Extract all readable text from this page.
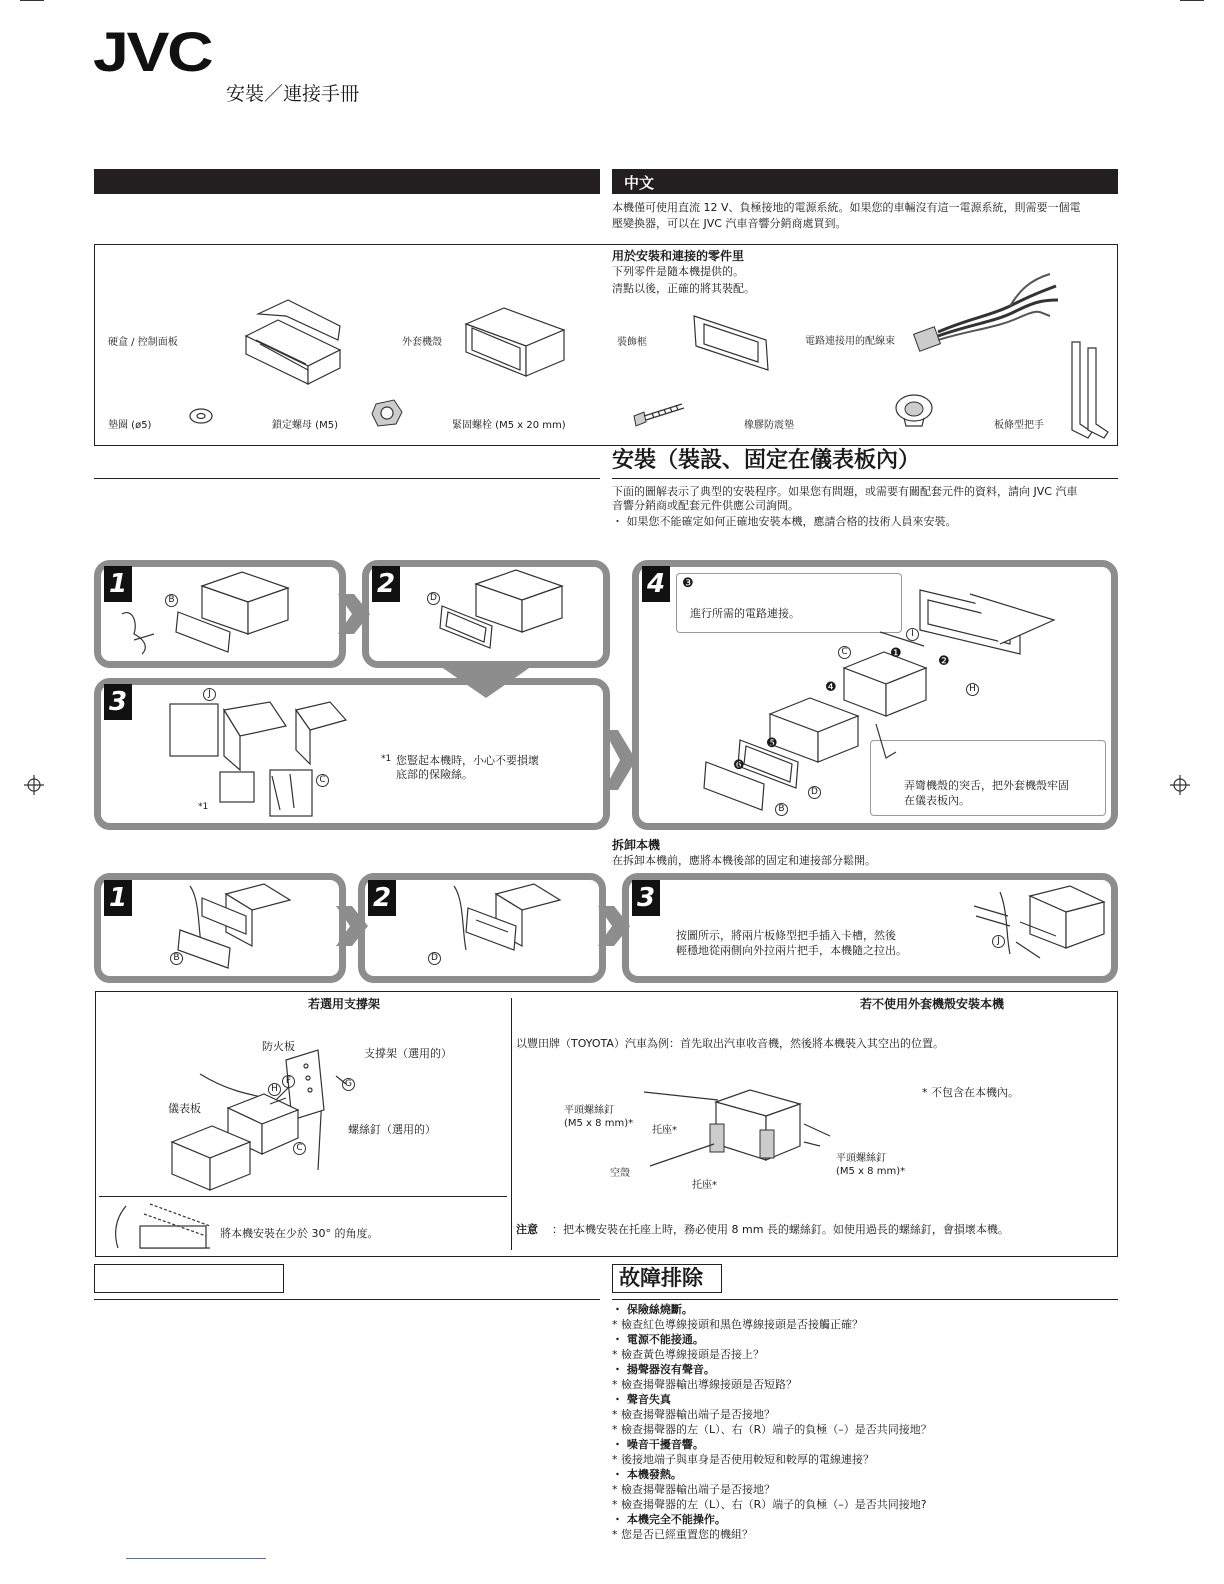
JVC
安裝／連接手冊
中文
本機僅可使用直流 12 V、負極接地的電源系統。如果您的車輛沒有這一電源系統，則需要一個電
壓變換器，可以在 JVC 汽車音響分銷商處買到。
用於安裝和連接的零件里
下列零件是隨本機提供的。
清點以後，正確的將其裝配。
硬盒 / 控制面板	外套機殼	裝飾框	電路連接用的配線束
墊圈 (ø5)	鎖定螺母 (M5)	緊固螺栓 (M5 x 20 mm)	橡膠防震墊	板條型把手
安裝（裝設、固定在儀表板內）
下面的圖解表示了典型的安裝程序。如果您有問題，或需要有關配套元件的資料，請向 JVC 汽車
音響分銷商或配套元件供應公司詢問。
・ 如果您不能確定如何正確地安裝本機，應請合格的技術人員來安裝。
1	2
3
4
B	D
J
C
*1
*1 您豎起本機時，小心不要損壞
底部的保險絲。
❸
進行所需的電路連接。
弄彎機殼的突舌，把外套機殼牢固
在儀表板內。
❶
❷
❹
❺
❻
C
I
H
D
B
拆卸本機
在拆卸本機前，應將本機後部的固定和連接部分鬆開。
1	2	3
B	D
按圖所示，將兩片板條型把手插入卡槽，然後
輕穩地從兩側向外拉兩片把手，本機隨之拉出。
J
若選用支撐架
防火板
支撐架（選用的）
儀表板
螺絲釘（選用的）
H
F	G
C
將本機安裝在少於 30° 的角度。
若不使用外套機殼安裝本機
以豐田牌（TOYOTA）汽車為例：首先取出汽車收音機，然後將本機裝入其空出的位置。
* 不包含在本機內。
平頭螺絲釘
(M5 x 8 mm)*
托座*
空殼
托座*
平頭螺絲釘
(M5 x 8 mm)*
注意 ：把本機安裝在托座上時，務必使用 8 mm 長的螺絲釘。如使用過長的螺絲釘，會損壞本機。
故障排除
・ 保險絲燒斷。
* 檢查紅色導線接頭和黑色導線接頭是否接觸正確？
・ 電源不能接通。
* 檢查黃色導線接頭是否接上？
・ 揚聲器沒有聲音。
* 檢查揚聲器輸出導線接頭是否短路？
・ 聲音失真
* 檢查揚聲器輸出端子是否接地？
* 檢查揚聲器的左（L）、右（R）端子的負極（–）是否共同接地？
・ 噪音干擾音響。
* 後接地端子與車身是否使用較短和較厚的電線連接？
・ 本機發熱。
* 檢查揚聲器輸出端子是否接地？
* 檢查揚聲器的左（L）、右（R）端子的負極（–）是否共同接地?
・ 本機完全不能操作。
* 您是否已經重置您的機組？
